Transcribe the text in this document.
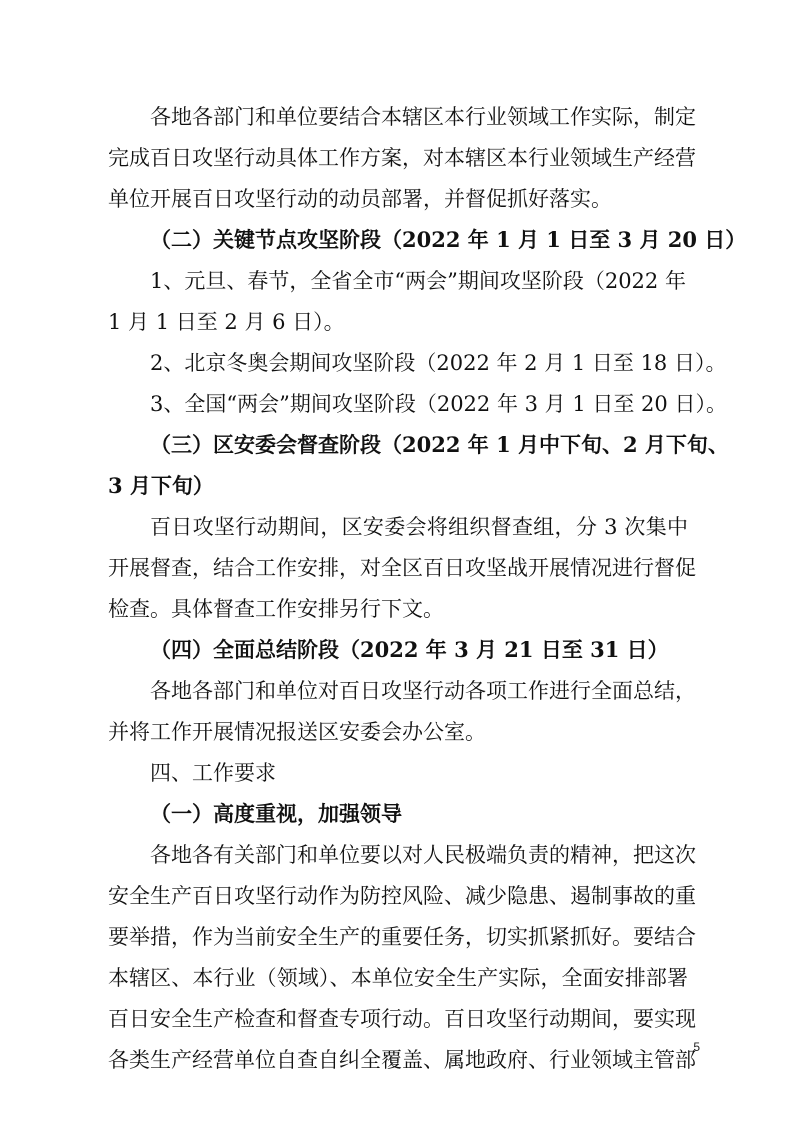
各地各部门和单位要结合本辖区本行业领域工作实际，制定
完成百日攻坚行动具体工作方案，对本辖区本行业领域生产经营
单位开展百日攻坚行动的动员部署，并督促抓好落实。
（二）关键节点攻坚阶段（2022 年 1 月 1 日至 3 月 20 日）
1、元旦、春节，全省全市“两会”期间攻坚阶段（2022 年
1 月 1 日至 2 月 6 日）。
2、北京冬奥会期间攻坚阶段（2022 年 2 月 1 日至 18 日）。
3、全国“两会”期间攻坚阶段（2022 年 3 月 1 日至 20 日）。
（三）区安委会督查阶段（2022 年 1 月中下旬、2 月下旬、
3 月下旬）
百日攻坚行动期间，区安委会将组织督查组，分 3 次集中
开展督查，结合工作安排，对全区百日攻坚战开展情况进行督促
检查。具体督查工作安排另行下文。
（四）全面总结阶段（2022 年 3 月 21 日至 31 日）
各地各部门和单位对百日攻坚行动各项工作进行全面总结，
并将工作开展情况报送区安委会办公室。
四、工作要求
（一）高度重视，加强领导
各地各有关部门和单位要以对人民极端负责的精神，把这次
安全生产百日攻坚行动作为防控风险、减少隐患、遏制事故的重
要举措，作为当前安全生产的重要任务，切实抓紧抓好。要结合
本辖区、本行业（领域）、本单位安全生产实际，全面安排部署
百日安全生产检查和督查专项行动。百日攻坚行动期间，要实现
各类生产经营单位自查自纠全覆盖、属地政府、行业领域主管部
5
